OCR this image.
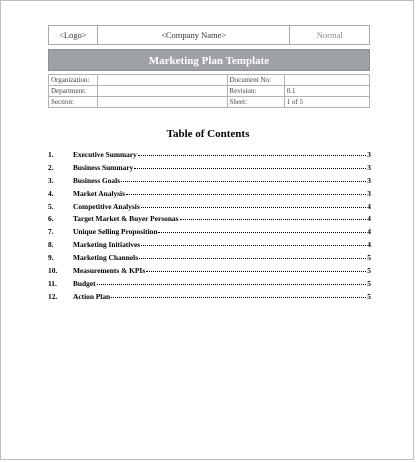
<Logo>	<Company Name>	Normal
Marketing Plan Template
Organization:		Document No:	
Department:		Revision:	0.1
Section:		Sheet:	1 of 5
Table of Contents
1.	Executive Summary	3
2.	Business Summary	3
3.	Business Goals	3
4.	Market Analysis	3
5.	Competitive Analysis	4
6.	Target Market & Buyer Personas	4
7.	Unique Selling Proposition	4
8.	Marketing Initiatives	4
9.	Marketing Channels	5
10.	Measurements & KPIs	5
11.	Budget	5
12.	Action Plan	5
